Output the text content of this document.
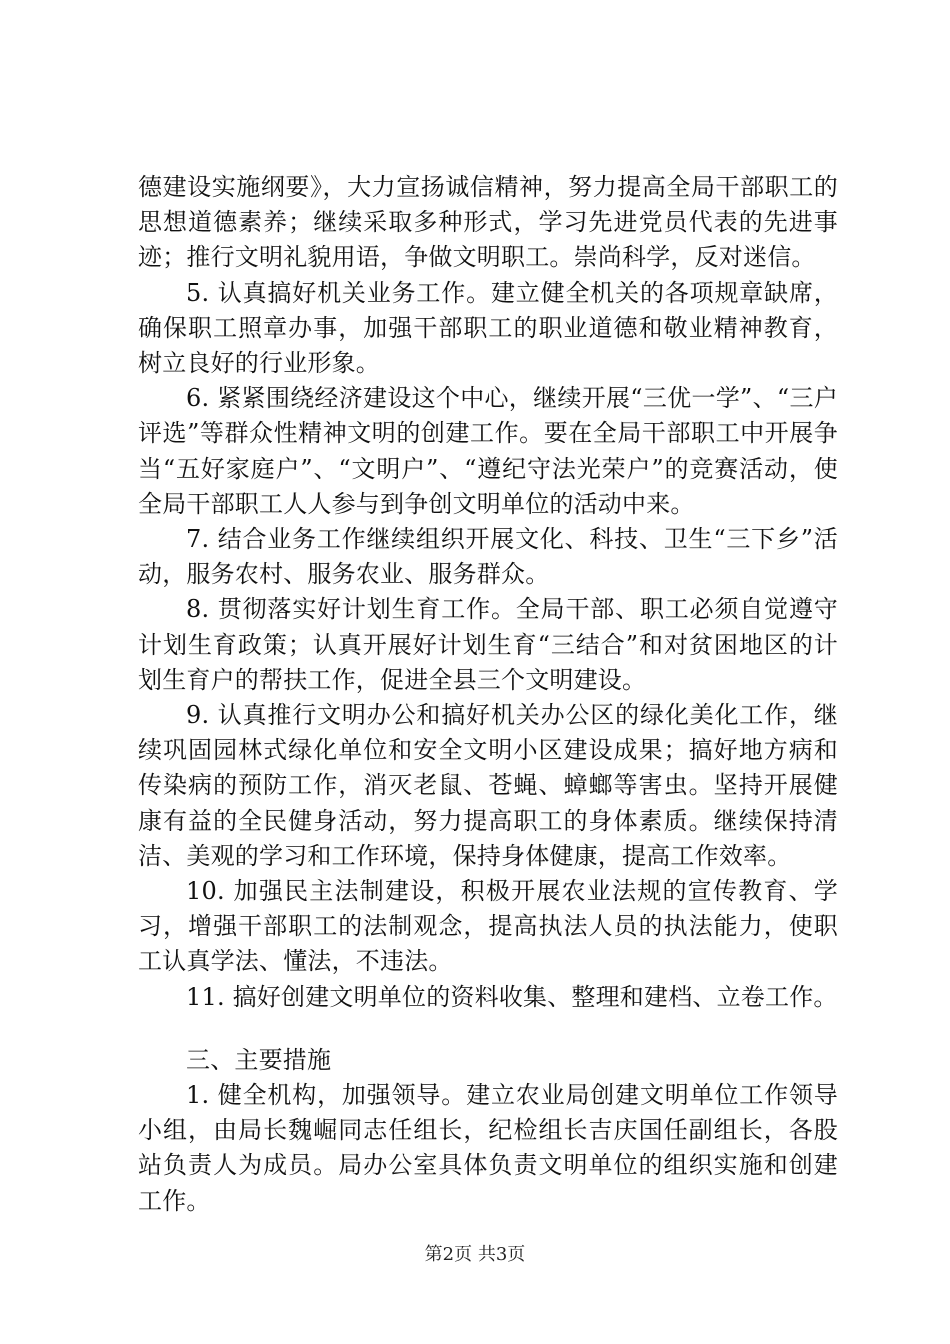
德建设实施纲要》，大力宣扬诚信精神，努力提高全局干部职工的思想道德素养；继续采取多种形式，学习先进党员代表的先进事迹；推行文明礼貌用语，争做文明职工。崇尚科学，反对迷信。

5. 认真搞好机关业务工作。建立健全机关的各项规章缺席，确保职工照章办事，加强干部职工的职业道德和敬业精神教育，树立良好的行业形象。

6. 紧紧围绕经济建设这个中心，继续开展“三优一学”、“三户评选”等群众性精神文明的创建工作。要在全局干部职工中开展争当“五好家庭户”、“文明户”、“遵纪守法光荣户”的竞赛活动，使全局干部职工人人参与到争创文明单位的活动中来。

7. 结合业务工作继续组织开展文化、科技、卫生“三下乡”活动，服务农村、服务农业、服务群众。

8. 贯彻落实好计划生育工作。全局干部、职工必须自觉遵守计划生育政策；认真开展好计划生育“三结合”和对贫困地区的计划生育户的帮扶工作，促进全县三个文明建设。

9. 认真推行文明办公和搞好机关办公区的绿化美化工作，继续巩固园林式绿化单位和安全文明小区建设成果；搞好地方病和传染病的预防工作，消灭老鼠、苍蝇、蟑螂等害虫。坚持开展健康有益的全民健身活动，努力提高职工的身体素质。继续保持清洁、美观的学习和工作环境，保持身体健康，提高工作效率。

10. 加强民主法制建设，积极开展农业法规的宣传教育、学习，增强干部职工的法制观念，提高执法人员的执法能力，使职工认真学法、懂法，不违法。

11. 搞好创建文明单位的资料收集、整理和建档、立卷工作。

三、主要措施

1. 健全机构，加强领导。建立农业局创建文明单位工作领导小组，由局长魏崛同志任组长，纪检组长吉庆国任副组长，各股站负责人为成员。局办公室具体负责文明单位的组织实施和创建工作。

第2页 共3页
